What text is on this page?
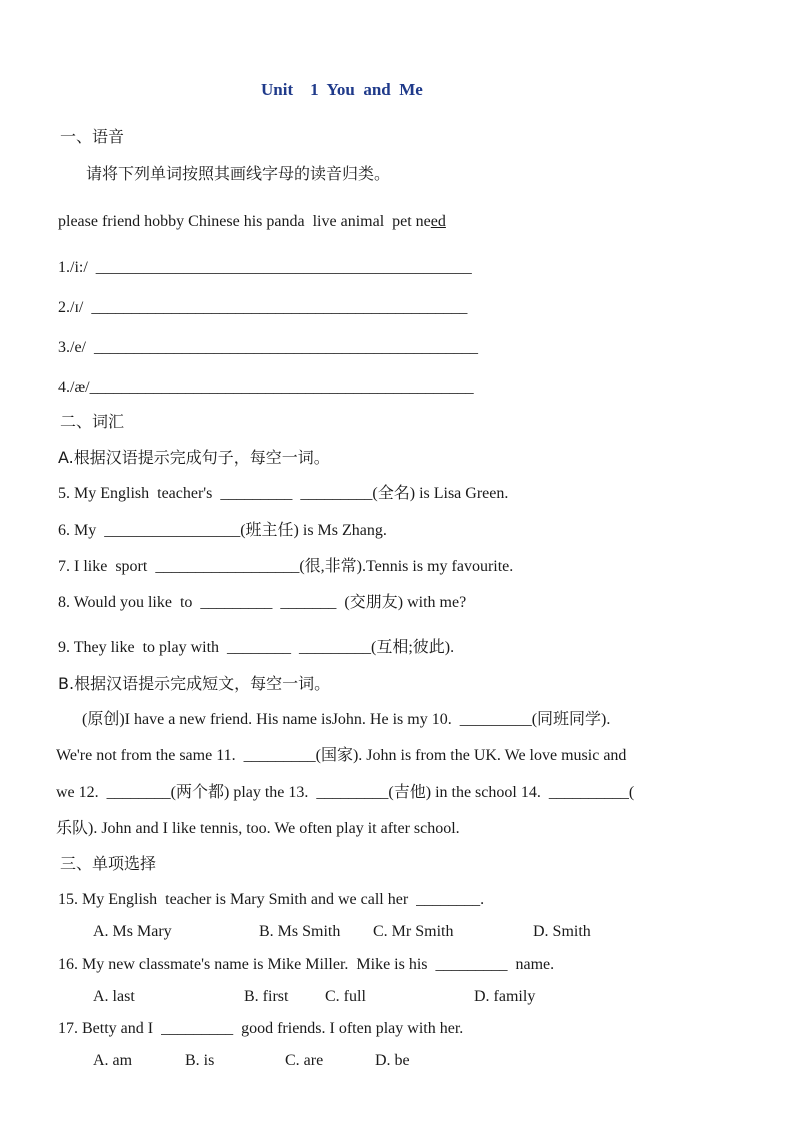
Unit    1  You  and  Me
一、语音
请将下列单词按照其画线字母的读音归类。
please friend hobby Chinese his panda  live animal  pet need
1./i:/  _______________________________________________
2./ɪ/  _______________________________________________
3./e/  ________________________________________________
4./æ/________________________________________________
二、词汇
A.根据汉语提示完成句子，每空一词。
5. My English  teacher's  _________  _________(全名) is Lisa Green.
6. My  _________________(班主任) is Ms Zhang.
7. I like  sport  __________________(很,非常).Tennis is my favourite.
8. Would you like  to  _________  _______  (交朋友) with me?
9. They like  to play with  ________  _________(互相;彼此).
B.根据汉语提示完成短文，每空一词。
(原创)I have a new friend. His name isJohn. He is my 10.  _________(同班同学).
We're not from the same 11.  _________(国家). John is from the UK. We love music and
we 12.  ________(两个都) play the 13.  _________(吉他) in the school 14.  __________(
乐队). John and I like tennis, too. We often play it after school.
三、单项选择
15. My English  teacher is Mary Smith and we call her  ________.
A. Ms Mary	B. Ms Smith C. Mr Smith	D. Smith
16. My new classmate's name is Mike Miller.  Mike is his  _________  name.
A. last	B. first C. full	D. family
17. Betty and I  _________  good friends. I often play with her.
A. am	B. is	C. are	D. be
